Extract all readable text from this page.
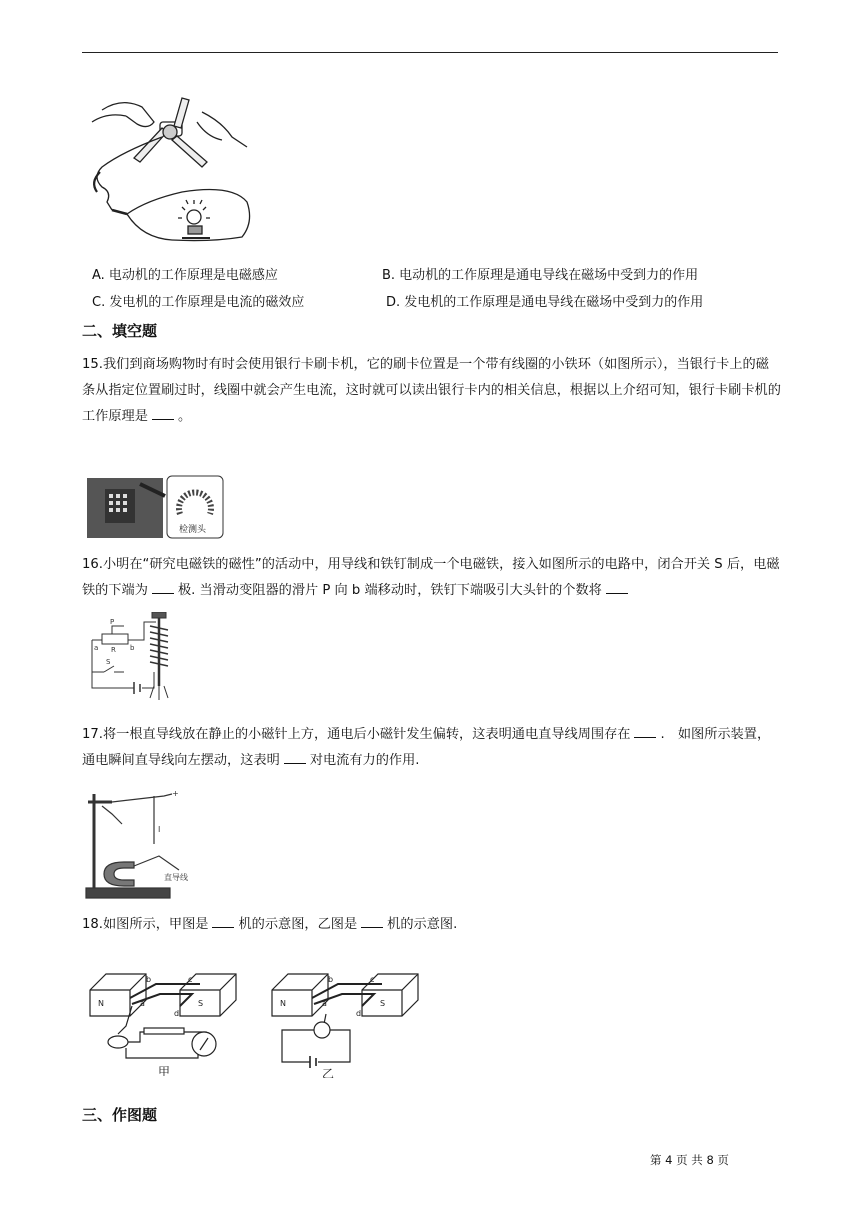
A. 电动机的工作原理是电磁感应	B. 电动机的工作原理是通电导线在磁场中受到力的作用
C. 发电机的工作原理是电流的磁效应	D. 发电机的工作原理是通电导线在磁场中受到力的作用

二、填空题

15.我们到商场购物时有时会使用银行卡刷卡机，它的刷卡位置是一个带有线圈的小铁环（如图所示），当银行卡上的磁条从指定位置刷过时，线圈中就会产生电流，这时就可以读出银行卡内的相关信息，根据以上介绍可知，银行卡刷卡机的工作原理是 。

检测头

16.小明在“研究电磁铁的磁性”的活动中，用导线和铁钉制成一个电磁铁，接入如图所示的电路中，闭合开关 S 后，电磁铁的下端为 极. 当滑动变阻器的滑片 P 向 b 端移动时，铁钉下端吸引大头针的个数将

P
a	b
R
S

17.将一根直导线放在静止的小磁针上方，通电后小磁针发生偏转，这表明通电直导线周围存在 .　如图所示装置，通电瞬间直导线向左摆动，这表明 对电流有力的作用.

+
I
直导线

18.如图所示，甲图是 机的示意图，乙图是 机的示意图.

N	S
a
b	c
d
甲
N	S
a
b	c
d
乙

三、作图题

第 4 页 共 8 页
